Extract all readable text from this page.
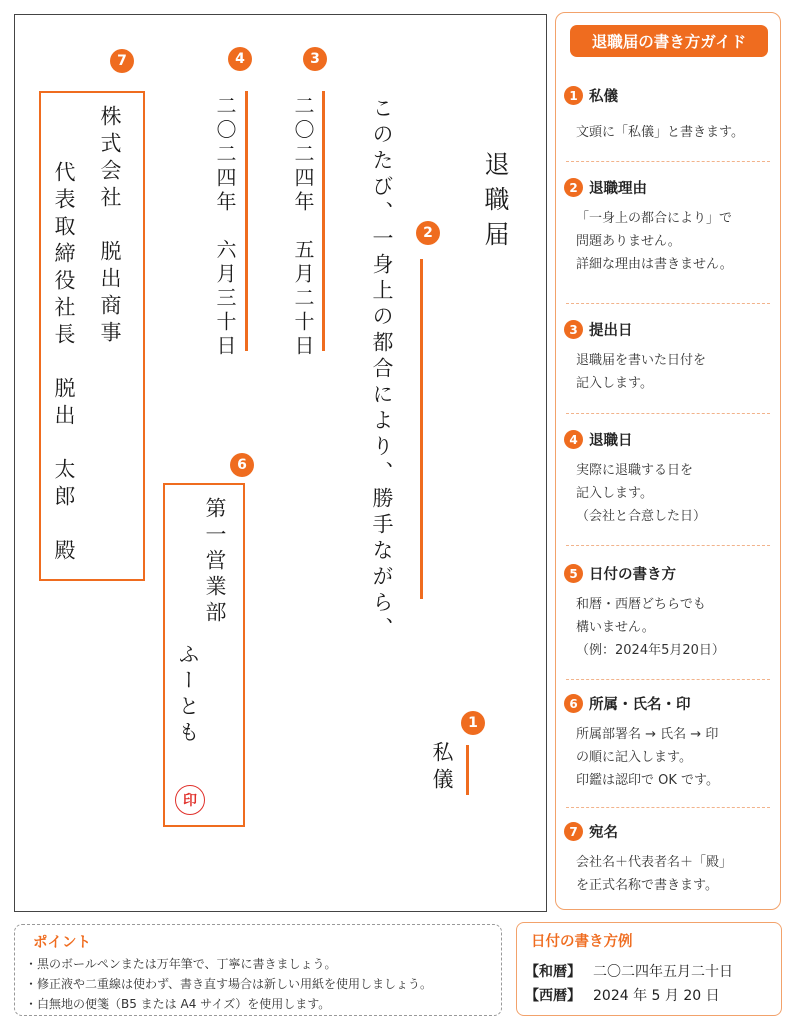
退職届
このたび、一身上の都合により、勝手ながら、	2
私儀
1
二〇二四年　五月二十日
3
二〇二四年　六月三十日
4
6
第一営業部
ふーとも
印
7
株式会社　脱出商事
代表取締役社長　脱出　太郎　殿
退職届の書き方ガイド
1 私儀
文頭に「私儀」と書きます。
2 退職理由
「一身上の都合により」で
問題ありません。
詳細な理由は書きません。
3 提出日
退職届を書いた日付を
記入します。
4 退職日
実際に退職する日を
記入します。
（会社と合意した日）
5 日付の書き方
和暦・西暦どちらでも
構いません。
（例：2024年5月20日）
6 所属・氏名・印
所属部署名 → 氏名 → 印
の順に記入します。
印鑑は認印で OK です。
7 宛名
会社名＋代表者名＋「殿」
を正式名称で書きます。
ポイント
・黒のボールペンまたは万年筆で、丁寧に書きましょう。
・修正液や二重線は使わず、書き直す場合は新しい用紙を使用しましょう。
・白無地の便箋（B5 または A4 サイズ）を使用します。
日付の書き方例
【和暦】 二〇二四年五月二十日
【西暦】 2024 年 5 月 20 日
